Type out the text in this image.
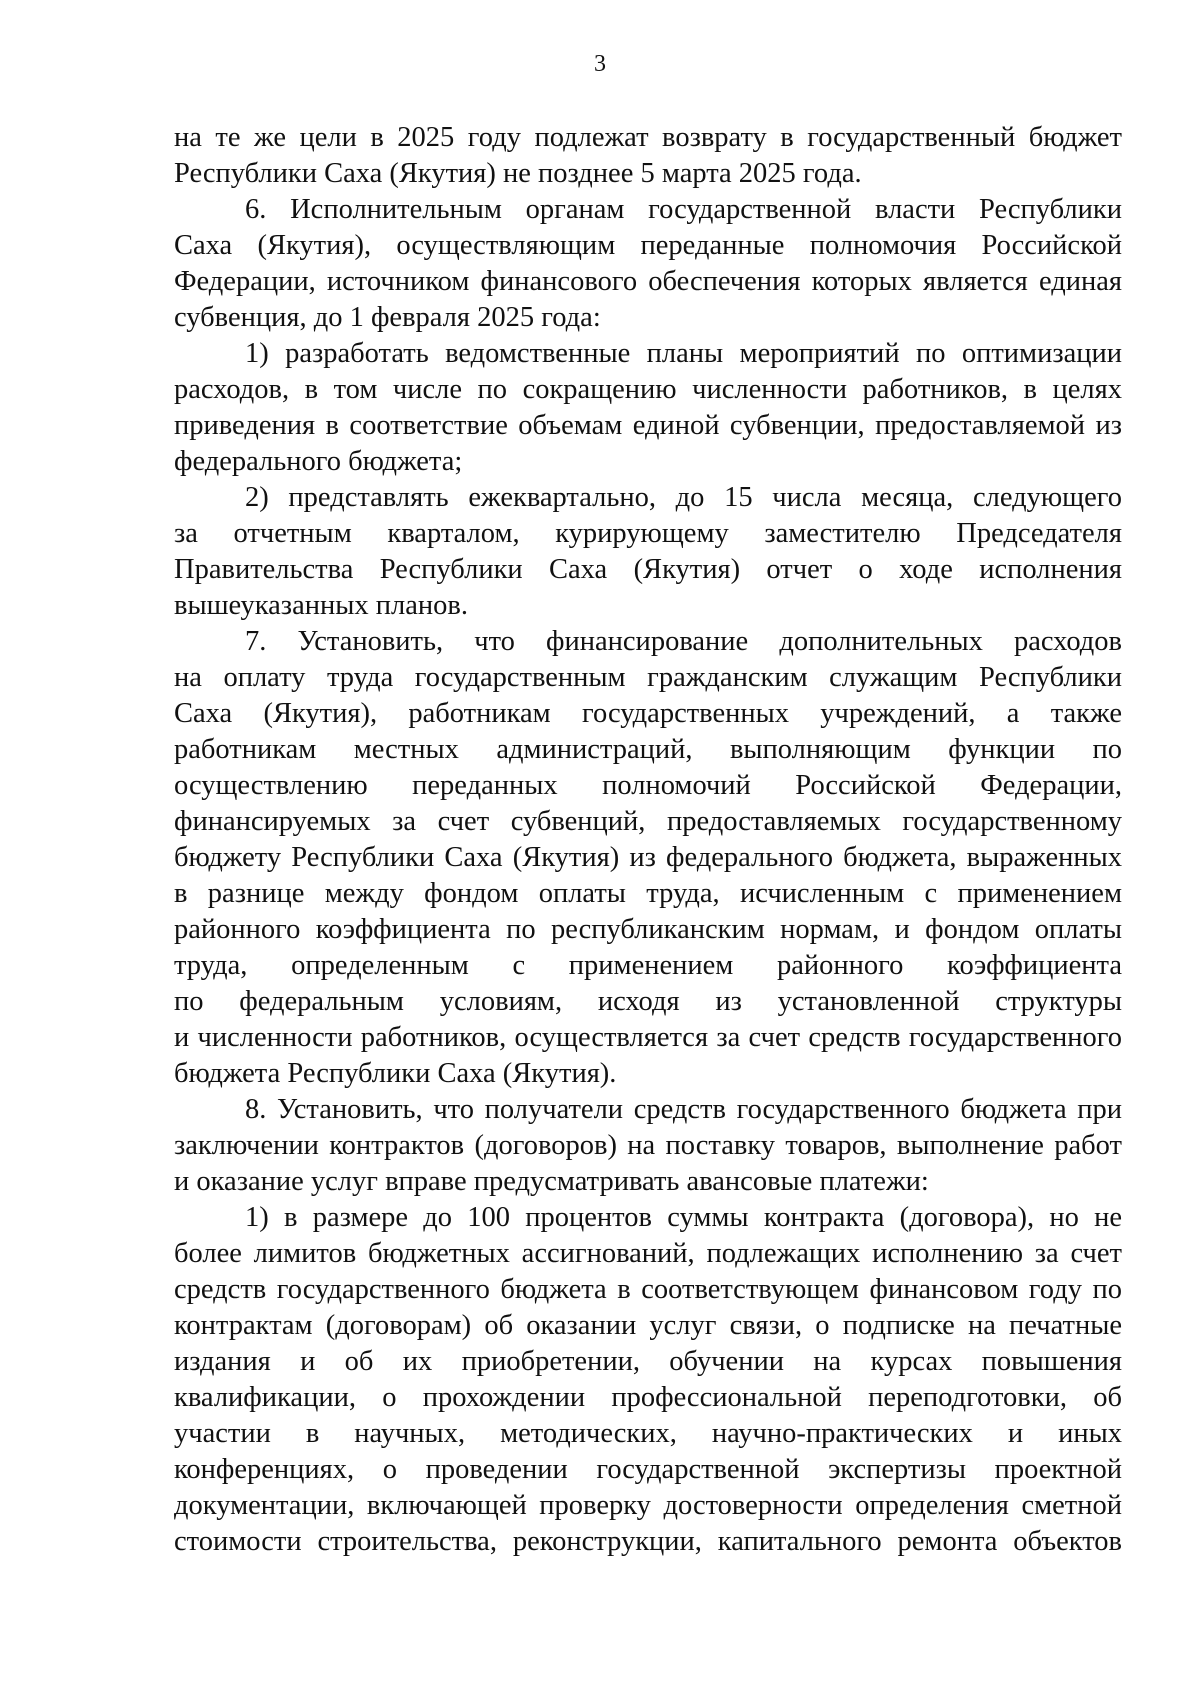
3
на те же цели в 2025 году подлежат возврату в государственный бюджет
Республики Саха (Якутия) не позднее 5 марта 2025 года.
6. Исполнительным органам государственной власти Республики
Саха (Якутия), осуществляющим переданные полномочия Российской
Федерации, источником финансового обеспечения которых является единая
субвенция, до 1 февраля 2025 года:
1) разработать ведомственные планы мероприятий по оптимизации
расходов, в том числе по сокращению численности работников, в целях
приведения в соответствие объемам единой субвенции, предоставляемой из
федерального бюджета;
2) представлять ежеквартально, до 15 числа месяца, следующего
за отчетным кварталом, курирующему заместителю Председателя
Правительства Республики Саха (Якутия) отчет о ходе исполнения
вышеуказанных планов.
7. Установить, что финансирование дополнительных расходов
на оплату труда государственным гражданским служащим Республики
Саха (Якутия), работникам государственных учреждений, а также
работникам местных администраций, выполняющим функции по
осуществлению переданных полномочий Российской Федерации,
финансируемых за счет субвенций, предоставляемых государственному
бюджету Республики Саха (Якутия) из федерального бюджета, выраженных
в разнице между фондом оплаты труда, исчисленным с применением
районного коэффициента по республиканским нормам, и фондом оплаты
труда, определенным с применением районного коэффициента
по федеральным условиям, исходя из установленной структуры
и численности работников, осуществляется за счет средств государственного
бюджета Республики Саха (Якутия).
8. Установить, что получатели средств государственного бюджета при
заключении контрактов (договоров) на поставку товаров, выполнение работ
и оказание услуг вправе предусматривать авансовые платежи:
1) в размере до 100 процентов суммы контракта (договора), но не
более лимитов бюджетных ассигнований, подлежащих исполнению за счет
средств государственного бюджета в соответствующем финансовом году по
контрактам (договорам) об оказании услуг связи, о подписке на печатные
издания и об их приобретении, обучении на курсах повышения
квалификации, о прохождении профессиональной переподготовки, об
участии в научных, методических, научно-практических и иных
конференциях, о проведении государственной экспертизы проектной
документации, включающей проверку достоверности определения сметной
стоимости строительства, реконструкции, капитального ремонта объектов
